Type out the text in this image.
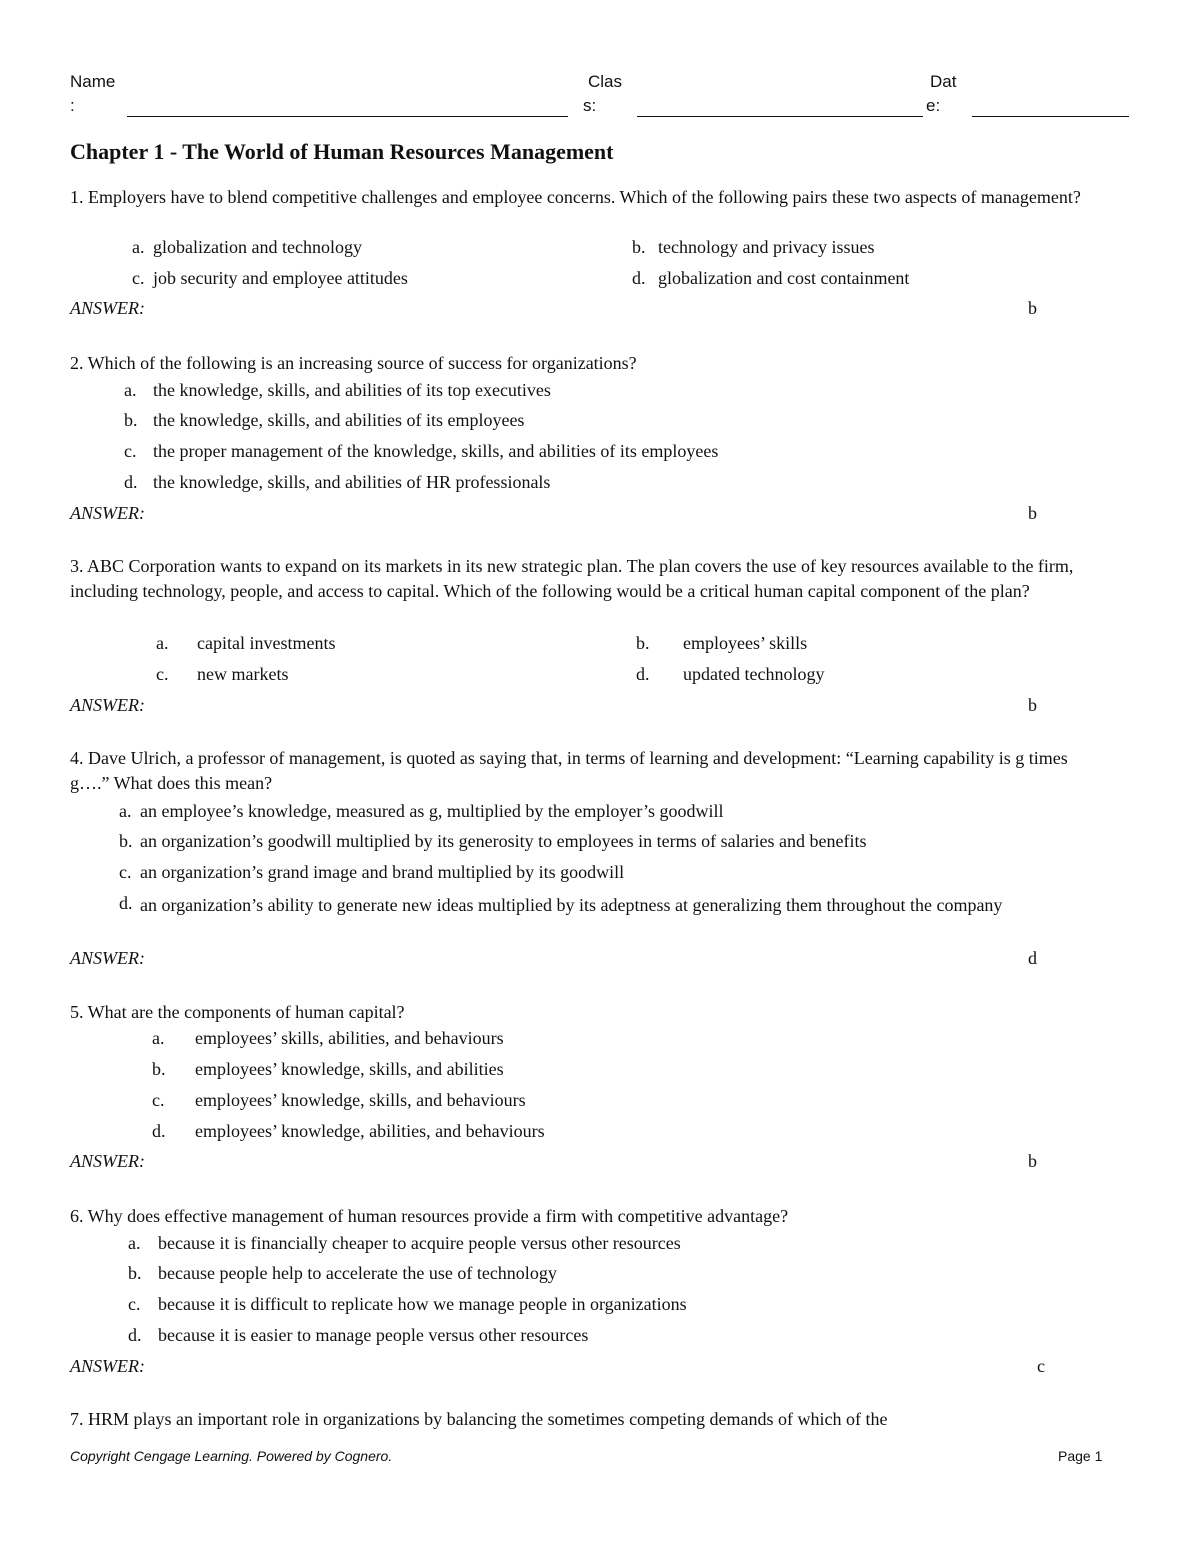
Name
:
Clas
s:
Dat
e:
Chapter 1 - The World of Human Resources Management
1. Employers have to blend competitive challenges and employee concerns. Which of the following pairs these two aspects of management?
a. globalization and technology	b. technology and privacy issues
c. job security and employee attitudes	d. globalization and cost containment
ANSWER:	b
2. Which of the following is an increasing source of success for organizations?
a. the knowledge, skills, and abilities of its top executives
b. the knowledge, skills, and abilities of its employees
c. the proper management of the knowledge, skills, and abilities of its employees
d. the knowledge, skills, and abilities of HR professionals
ANSWER:	b
3. ABC Corporation wants to expand on its markets in its new strategic plan. The plan covers the use of key resources available to the firm, including technology, people, and access to capital. Which of the following would be a critical human capital component of the plan?
a. capital investments	b. employees’ skills
c. new markets	d. updated technology
ANSWER:	b
4. Dave Ulrich, a professor of management, is quoted as saying that, in terms of learning and development: “Learning capability is g times g….” What does this mean?
a. an employee’s knowledge, measured as g, multiplied by the employer’s goodwill
b. an organization’s goodwill multiplied by its generosity to employees in terms of salaries and benefits
c. an organization’s grand image and brand multiplied by its goodwill
d. an organization’s ability to generate new ideas multiplied by its adeptness at generalizing them throughout the company
ANSWER:	d
5. What are the components of human capital?
a. employees’ skills, abilities, and behaviours
b. employees’ knowledge, skills, and abilities
c. employees’ knowledge, skills, and behaviours
d. employees’ knowledge, abilities, and behaviours
ANSWER:	b
6. Why does effective management of human resources provide a firm with competitive advantage?
a. because it is financially cheaper to acquire people versus other resources
b. because people help to accelerate the use of technology
c. because it is difficult to replicate how we manage people in organizations
d. because it is easier to manage people versus other resources
ANSWER:	c
7. HRM plays an important role in organizations by balancing the sometimes competing demands of which of the
Copyright Cengage Learning. Powered by Cognero.	Page 1
